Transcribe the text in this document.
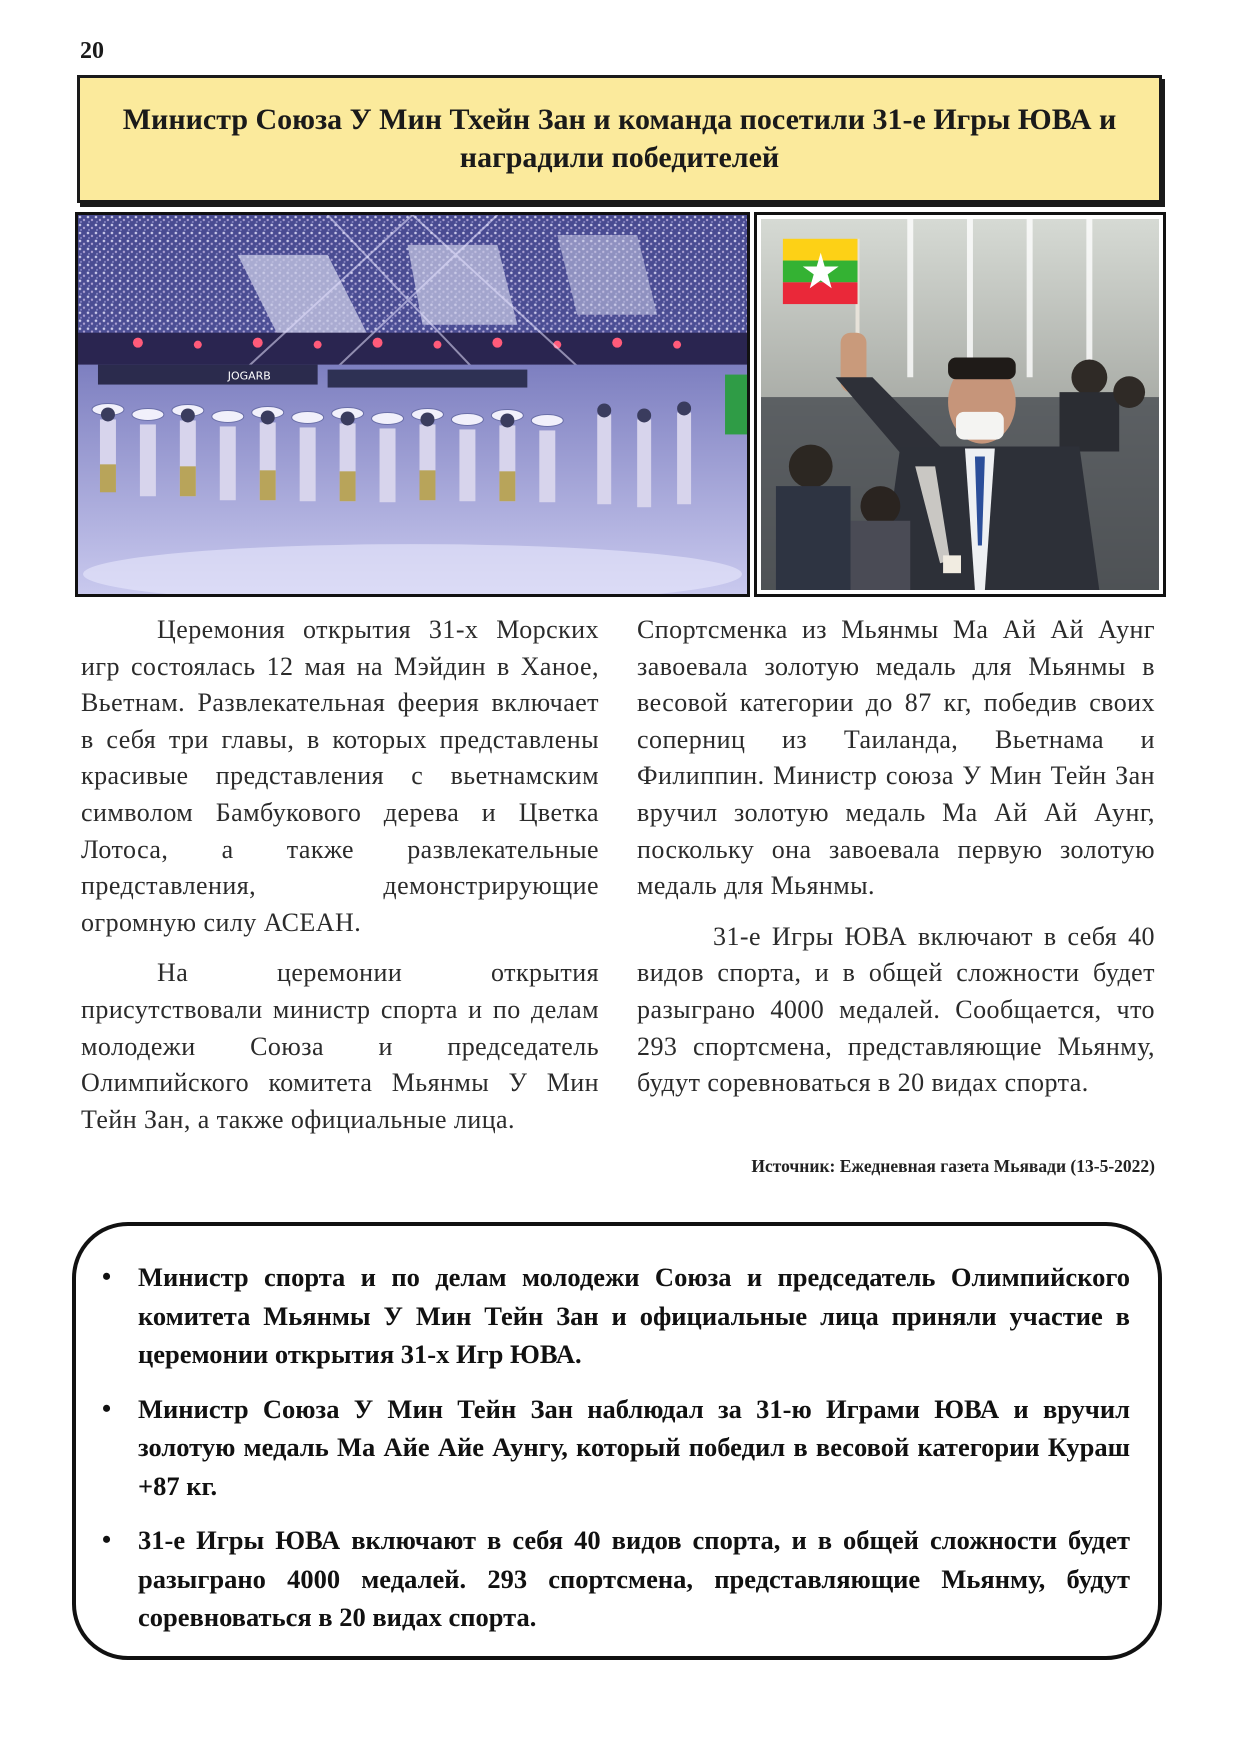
20
Министр Союза У Мин Тхейн Зан и команда посетили 31-е Игры ЮВА и наградили победителей
JOGARB

Церемония открытия 31-х Морских игр состоялась 12 мая на Мэйдин в Ханое, Вьетнам. Развлекательная феерия включает в себя три главы, в которых представлены красивые представления с вьетнамским символом Бамбукового дерева и Цветка Лотоса, а также развлекательные представления, демонстрирующие огромную силу АСЕАН.

На церемонии открытия присутствовали министр спорта и по делам молодежи Союза и председатель Олимпийского комитета Мьянмы У Мин Тейн Зан, а также официальные лица.

Спортсменка из Мьянмы Ма Ай Ай Аунг завоевала золотую медаль для Мьянмы в весовой категории до 87 кг, победив своих соперниц из Таиланда, Вьетнама и Филиппин. Министр союза У Мин Тейн Зан вручил золотую медаль Ма Ай Ай Аунг, поскольку она завоевала первую золотую медаль для Мьянмы.

31-е Игры ЮВА включают в себя 40 видов спорта, и в общей сложности будет разыграно 4000 медалей. Сообщается, что 293 спортсмена, представляющие Мьянму, будут соревноваться в 20 видах спорта.

Источник: Ежедневная газета Мьявади (13-5-2022)
• Министр спорта и по делам молодежи Союза и председатель Олимпийского комитета Мьянмы У Мин Тейн Зан и официальные лица приняли участие в церемонии открытия 31-х Игр ЮВА.
• Министр Союза У Мин Тейн Зан наблюдал за 31-ю Играми ЮВА и вручил золотую медаль Ма Айе Айе Аунгу, который победил в весовой категории Кураш +87 кг.
• 31-е Игры ЮВА включают в себя 40 видов спорта, и в общей сложности будет разыграно 4000 медалей. 293 спортсмена, представляющие Мьянму, будут соревноваться в 20 видах спорта.
